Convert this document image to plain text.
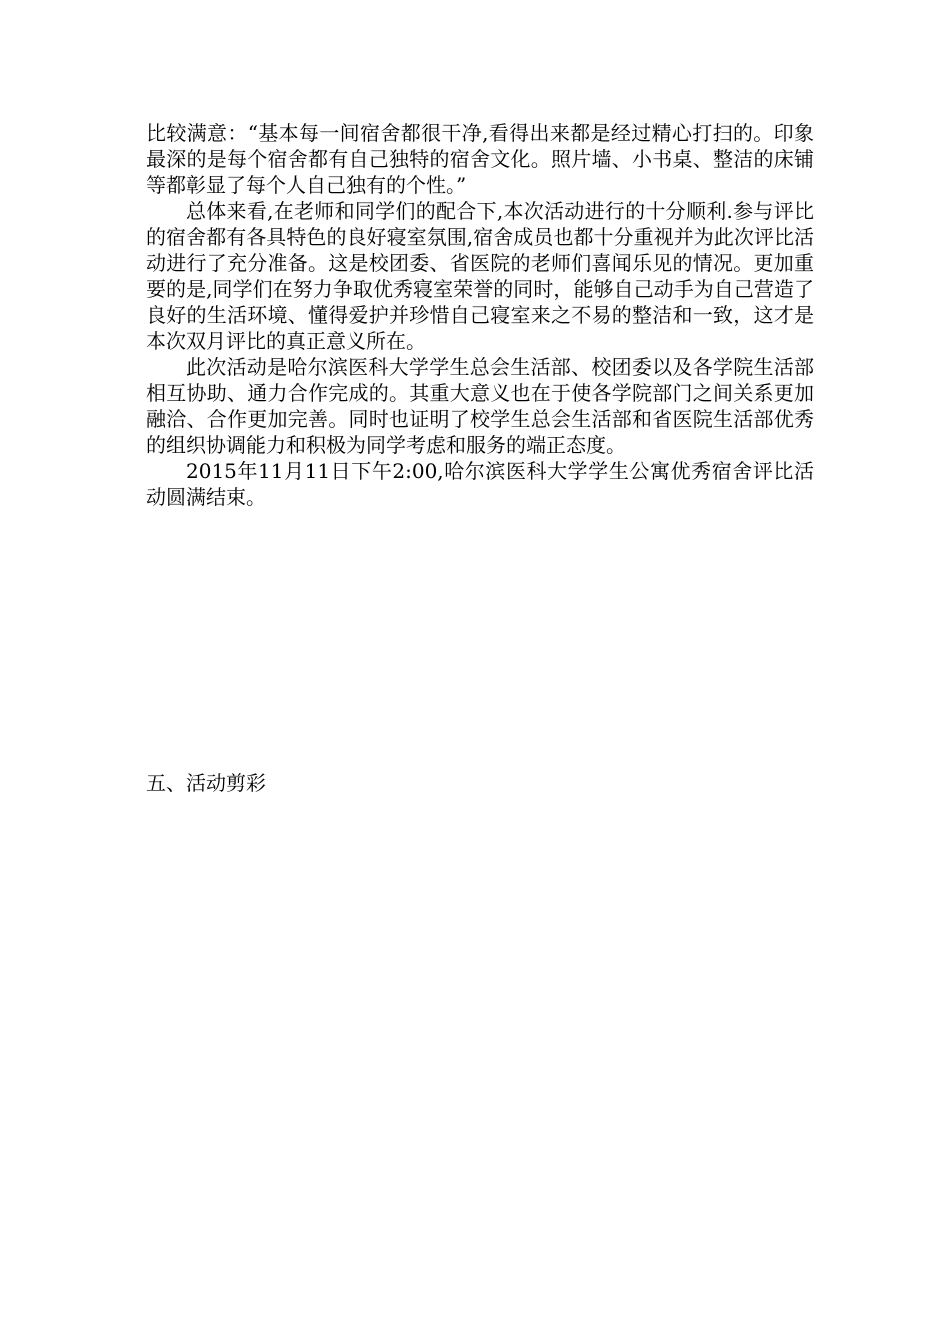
比较满意：“基本每一间宿舍都很干净,看得出来都是经过精心打扫的。印象最深的是每个宿舍都有自己独特的宿舍文化。照片墙、小书桌、整洁的床铺等都彰显了每个人自己独有的个性。”

总体来看,在老师和同学们的配合下,本次活动进行的十分顺利.参与评比的宿舍都有各具特色的良好寝室氛围,宿舍成员也都十分重视并为此次评比活动进行了充分准备。这是校团委、省医院的老师们喜闻乐见的情况。更加重要的是,同学们在努力争取优秀寝室荣誉的同时，能够自己动手为自己营造了良好的生活环境、懂得爱护并珍惜自己寝室来之不易的整洁和一致，这才是本次双月评比的真正意义所在。

此次活动是哈尔滨医科大学学生总会生活部、校团委以及各学院生活部相互协助、通力合作完成的。其重大意义也在于使各学院部门之间关系更加融洽、合作更加完善。同时也证明了校学生总会生活部和省医院生活部优秀的组织协调能力和积极为同学考虑和服务的端正态度。

2015年11月11日下午2:00,哈尔滨医科大学学生公寓优秀宿舍评比活动圆满结束。

五、活动剪彩
